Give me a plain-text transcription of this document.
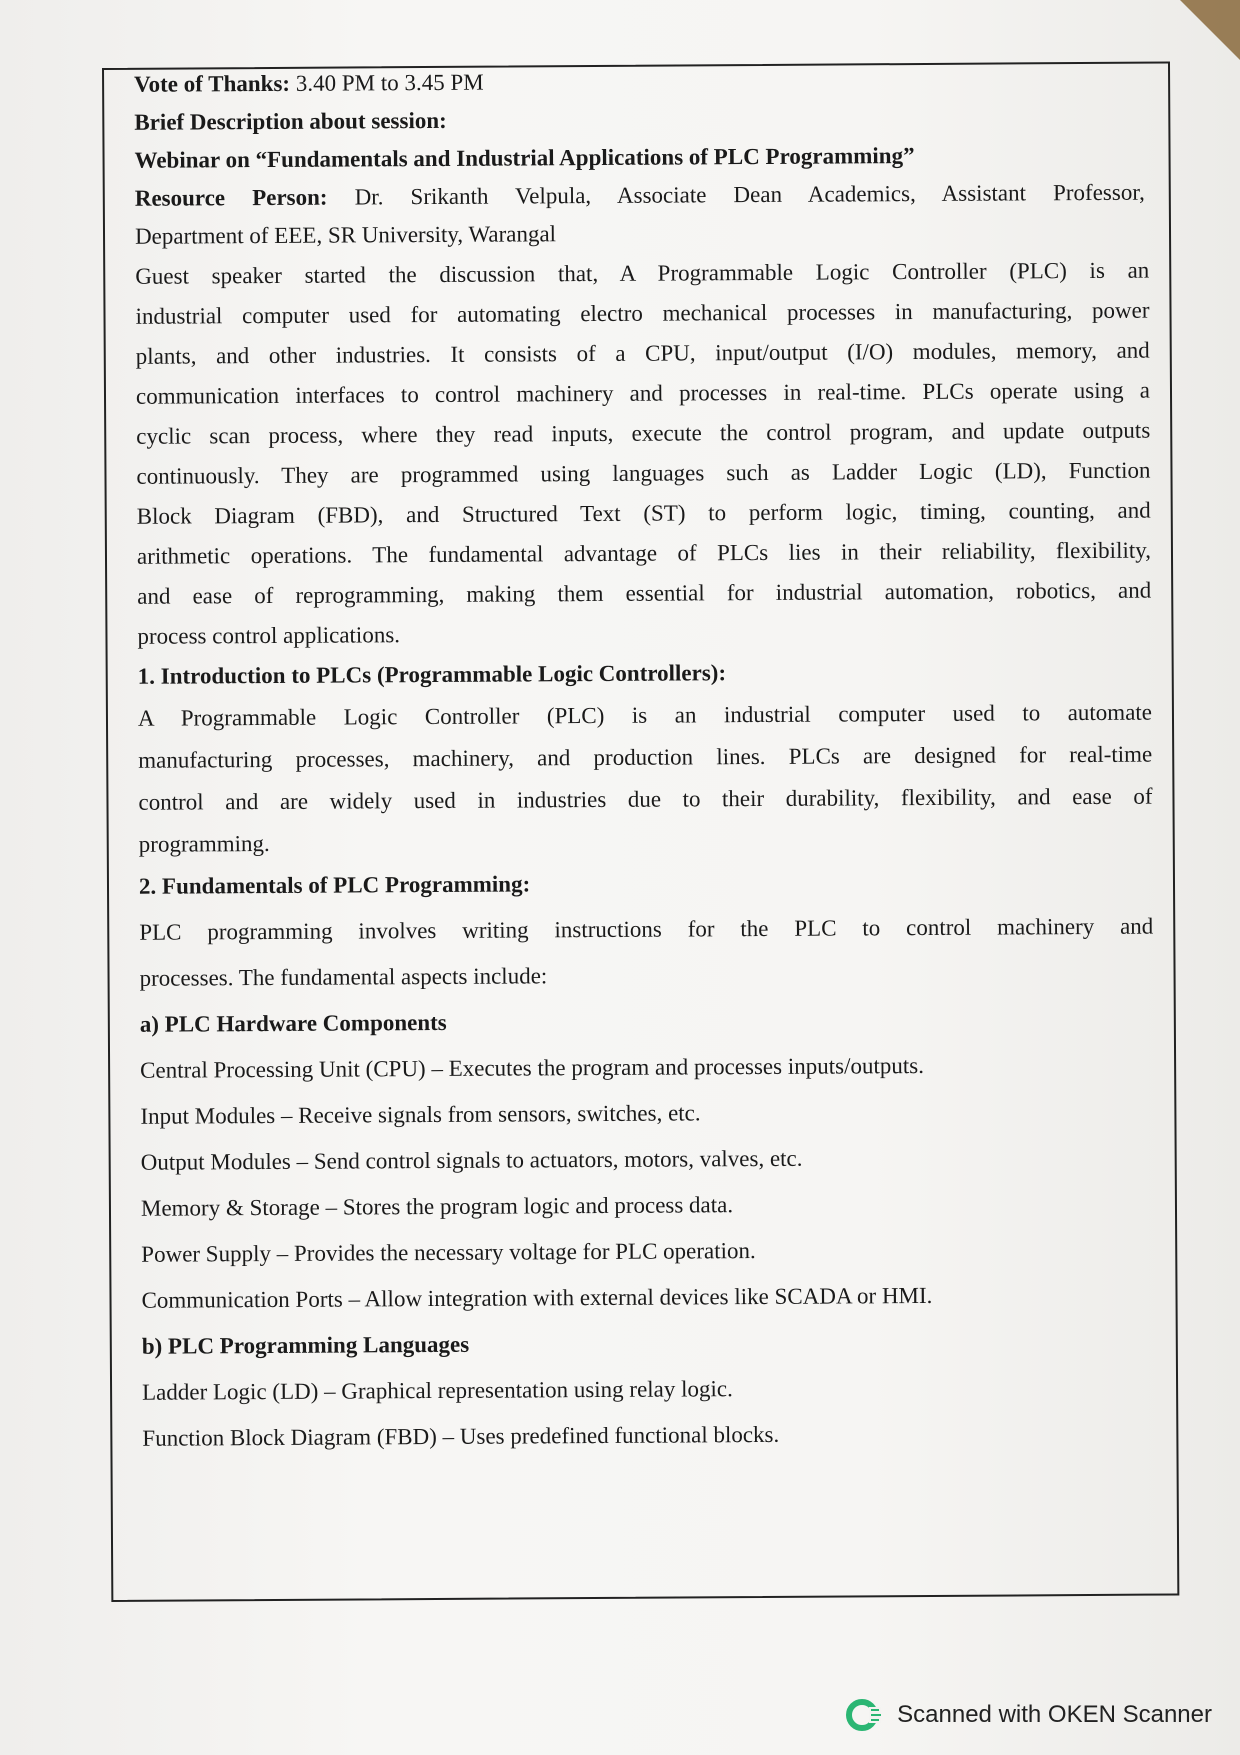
Vote of Thanks: 3.40 PM to 3.45 PM
Brief Description about session:
Webinar on “Fundamentals and Industrial Applications of PLC Programming”
Resource Person: Dr. Srikanth Velpula, Associate Dean Academics, Assistant Professor,
Department of EEE, SR University, Warangal
Guest speaker started the discussion that, A Programmable Logic Controller (PLC) is an
industrial computer used for automating electro mechanical processes in manufacturing, power
plants, and other industries. It consists of a CPU, input/output (I/O) modules, memory, and
communication interfaces to control machinery and processes in real-time. PLCs operate using a
cyclic scan process, where they read inputs, execute the control program, and update outputs
continuously. They are programmed using languages such as Ladder Logic (LD), Function
Block Diagram (FBD), and Structured Text (ST) to perform logic, timing, counting, and
arithmetic operations. The fundamental advantage of PLCs lies in their reliability, flexibility,
and ease of reprogramming, making them essential for industrial automation, robotics, and
process control applications.
1. Introduction to PLCs (Programmable Logic Controllers):
A Programmable Logic Controller (PLC) is an industrial computer used to automate
manufacturing processes, machinery, and production lines. PLCs are designed for real-time
control and are widely used in industries due to their durability, flexibility, and ease of
programming.
2. Fundamentals of PLC Programming:
PLC programming involves writing instructions for the PLC to control machinery and
processes. The fundamental aspects include:
a) PLC Hardware Components
Central Processing Unit (CPU) – Executes the program and processes inputs/outputs.
Input Modules – Receive signals from sensors, switches, etc.
Output Modules – Send control signals to actuators, motors, valves, etc.
Memory & Storage – Stores the program logic and process data.
Power Supply – Provides the necessary voltage for PLC operation.
Communication Ports – Allow integration with external devices like SCADA or HMI.
b) PLC Programming Languages
Ladder Logic (LD) – Graphical representation using relay logic.
Function Block Diagram (FBD) – Uses predefined functional blocks.
Scanned with OKEN Scanner
